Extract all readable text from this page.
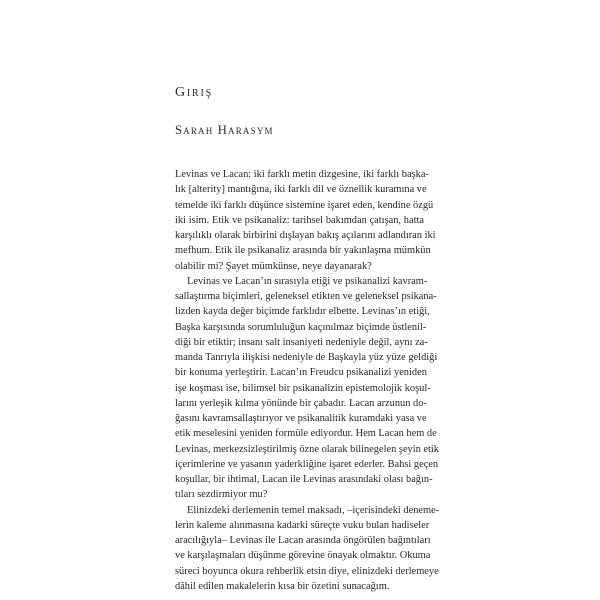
Giriş
Sarah Harasym
Levinas ve Lacan: iki farklı metin dizgesine, iki farklı başka-
lık [alterity] mantığına, iki farklı dil ve öznellik kuramına ve
temelde iki farklı düşünce sistemine işaret eden, kendine özgü
iki isim. Etik ve psikanaliz: tarihsel bakımdan çatışan, hatta
karşılıklı olarak birbirini dışlayan bakış açılarını adlandıran iki
mefhum. Etik ile psikanaliz arasında bir yakınlaşma mümkün
olabilir mi? Şayet mümkünse, neye dayanarak?
Levinas ve Lacan’ın sırasıyla etiği ve psikanalizi kavram-
sallaştırma biçimleri, geleneksel etikten ve geleneksel psikana-
lizden kayda değer biçimde farklıdır elbette. Levinas’ın etiği,
Başka karşısında sorumluluğun kaçınılmaz biçimde üstlenil-
diği bir etiktir; insanı salt insaniyeti nedeniyle değil, aynı za-
manda Tanrıyla ilişkisi nedeniyle de Başkayla yüz yüze geldiği
bir konuma yerleştirir. Lacan’ın Freudcu psikanalizi yeniden
işe koşması ise, bilimsel bir psikanalizin epistemolojik koşul-
larını yerleşik kılma yönünde bir çabadır. Lacan arzunun do-
ğasını kavramsallaştırıyor ve psikanalitik kuramdaki yasa ve
etik meselesini yeniden formüle ediyordur. Hem Lacan hem de
Levinas, merkezsizleştirilmiş özne olarak bilinegelen şeyin etik
içerimlerine ve yasanın yaderkliğine işaret ederler. Bahsi geçen
koşullar, bir ihtimal, Lacan ile Levinas arasındaki olası bağın-
tıları sezdirmiyor mu?
Elinizdeki derlemenin temel maksadı, –içerisindeki deneme-
lerin kaleme alınmasına kadarki süreçte vuku bulan hadiseler
aracılığıyla– Levinas ile Lacan arasında öngörülen bağıntıları
ve karşılaşmaları düşünme görevine önayak olmaktır. Okuma
süreci boyunca okura rehberlik etsin diye, elinizdeki derlemeye
dâhil edilen makalelerin kısa bir özetini sunacağım.
